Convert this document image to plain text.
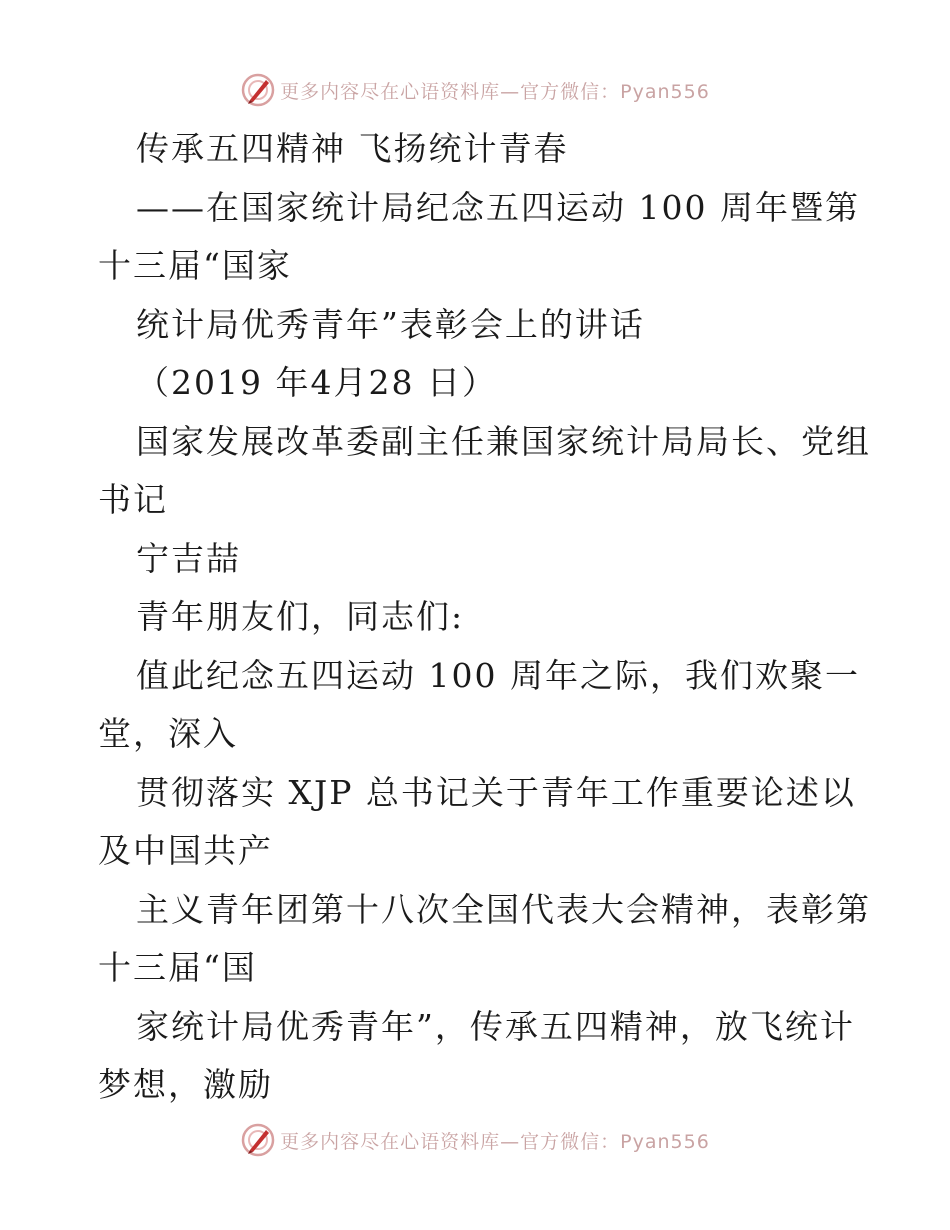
更多内容尽在心语资料库—官方微信：Pyan556
传承五四精神 飞扬统计青春
——在国家统计局纪念五四运动 100 周年暨第
十三届“国家
统计局优秀青年”表彰会上的讲话
（2019 年4月28 日）
国家发展改革委副主任兼国家统计局局长、党组
书记
宁吉喆
青年朋友们，同志们:
值此纪念五四运动 100 周年之际，我们欢聚一
堂，深入
贯彻落实 XJP 总书记关于青年工作重要论述以
及中国共产
主义青年团第十八次全国代表大会精神，表彰第
十三届“国
家统计局优秀青年”，传承五四精神，放飞统计
梦想，激励
更多内容尽在心语资料库—官方微信：Pyan556
